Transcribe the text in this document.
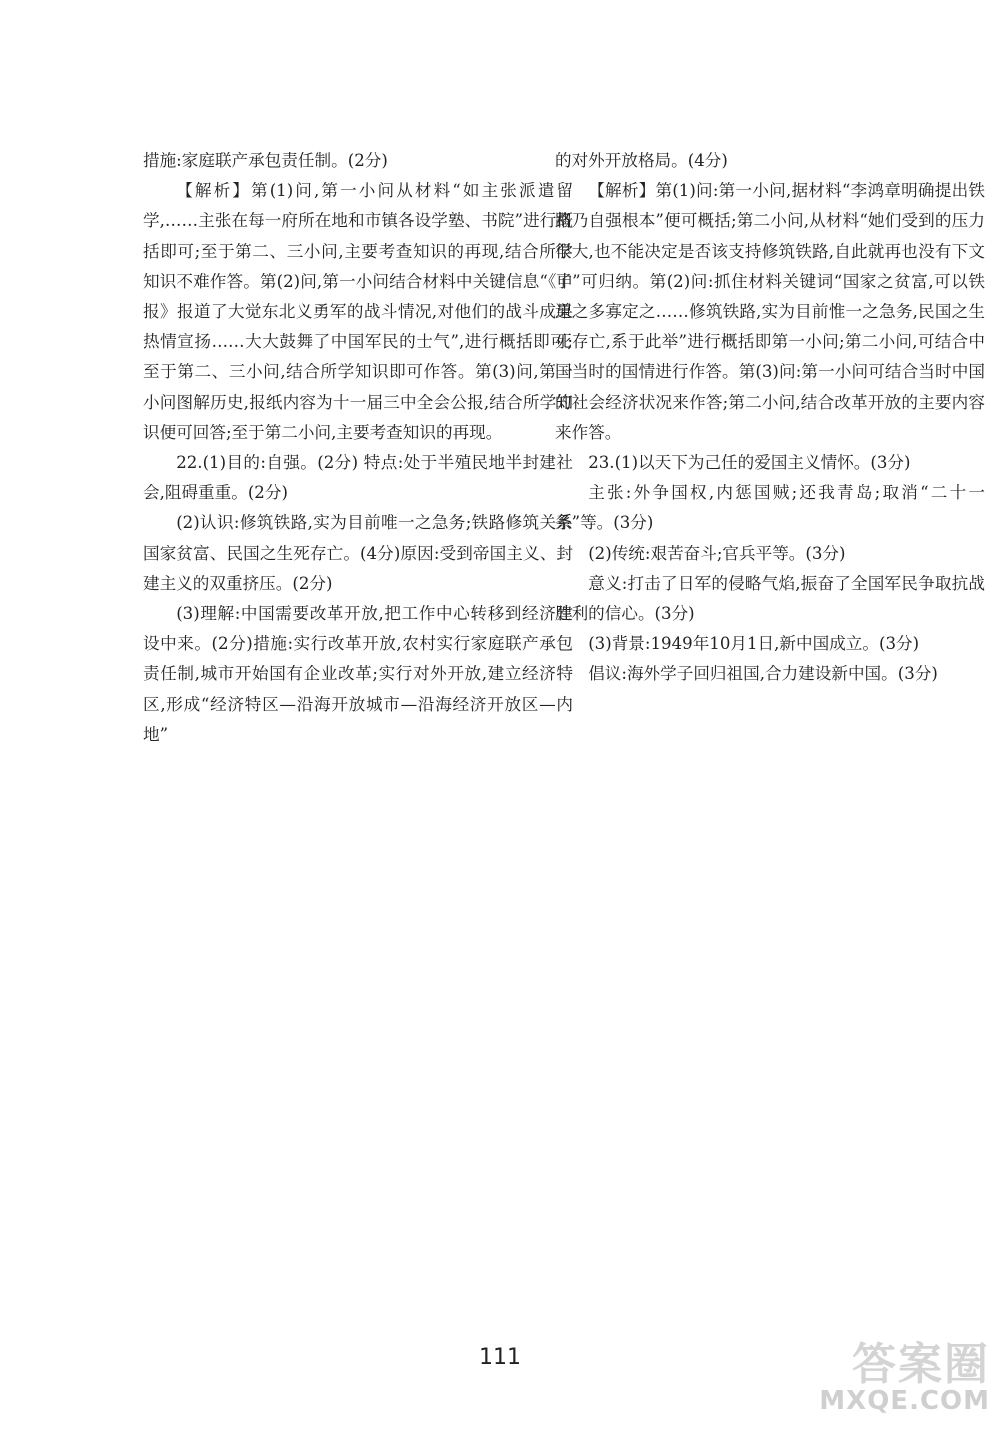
措施:家庭联产承包责任制。(2分)

【解析】第(1)问,第一小问从材料“如主张派遣留学,……主张在每一府所在地和市镇各设学塾、书院”进行概括即可;至于第二、三小问,主要考查知识的再现,结合所学知识不难作答。第(2)问,第一小问结合材料中关键信息“《申报》报道了大觉东北义勇军的战斗情况,对他们的战斗成果热情宣扬……大大鼓舞了中国军民的士气”,进行概括即可;至于第二、三小问,结合所学知识即可作答。第(3)问,第一小问图解历史,报纸内容为十一届三中全会公报,结合所学知识便可回答;至于第二小问,主要考查知识的再现。

22.(1)目的:自强。(2分) 特点:处于半殖民地半封建社会,阻碍重重。(2分)

(2)认识:修筑铁路,实为目前唯一之急务;铁路修筑关系国家贫富、民国之生死存亡。(4分)原因:受到帝国主义、封建主义的双重挤压。(2分)

(3)理解:中国需要改革开放,把工作中心转移到经济建设中来。(2分)措施:实行改革开放,农村实行家庭联产承包责任制,城市开始国有企业改革;实行对外开放,建立经济特区,形成“经济特区—沿海开放城市—沿海经济开放区—内地”

的对外开放格局。(4分)

【解析】第(1)问:第一小问,据材料“李鸿章明确提出铁路乃自强根本”便可概括;第二小问,从材料“她们受到的压力很大,也不能决定是否该支持修筑铁路,自此就再也没有下文了”可归纳。第(2)问:抓住材料关键词“国家之贫富,可以铁道之多寡定之……修筑铁路,实为目前惟一之急务,民国之生死存亡,系于此举”进行概括即第一小问;第二小问,可结合中国当时的国情进行作答。第(3)问:第一小问可结合当时中国的社会经济状况来作答;第二小问,结合改革开放的主要内容来作答。

23.(1)以天下为己任的爱国主义情怀。(3分)

主张:外争国权,内惩国贼;还我青岛;取消“二十一条”等。(3分)

(2)传统:艰苦奋斗;官兵平等。(3分)

意义:打击了日军的侵略气焰,振奋了全国军民争取抗战胜利的信心。(3分)

(3)背景:1949年10月1日,新中国成立。(3分)

倡议:海外学子回归祖国,合力建设新中国。(3分)

111	答案圈
MXQE.COM
